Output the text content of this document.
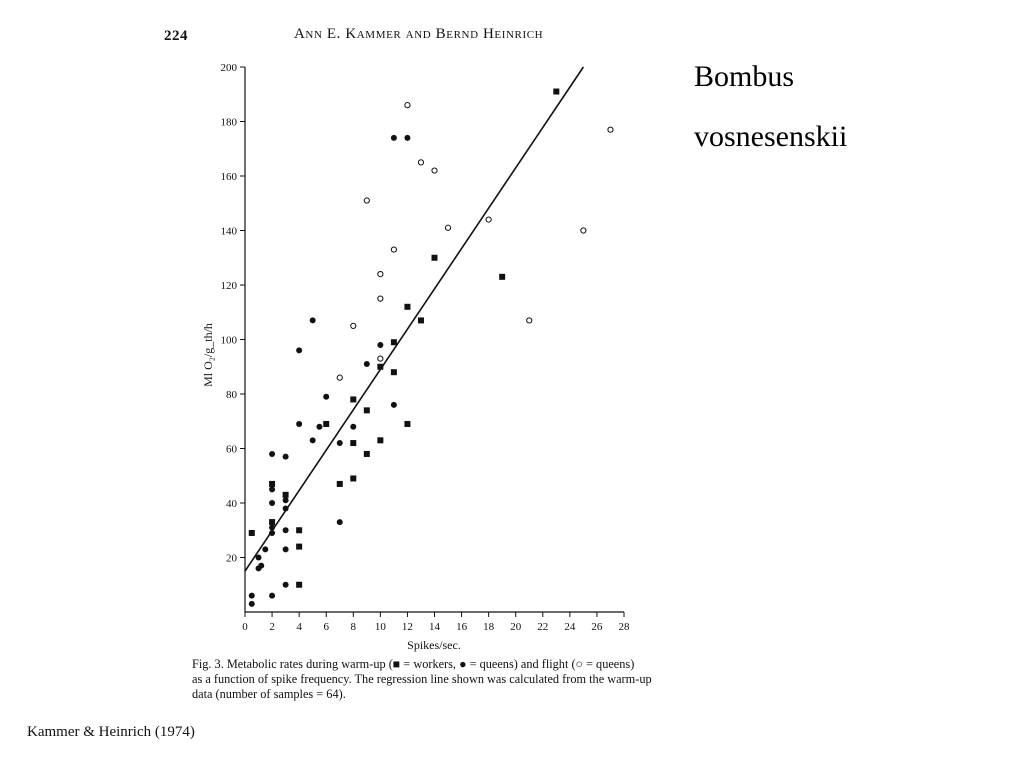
224	Ann E. Kammer and Bernd Heinrich
Bombus
vosnesenskii
0 2 4 6 8 10 12 14 16 18 20 22 24 26 28
20
40
60
80
100
120
140
160
180
200
Spikes/sec.
Ml O₂/g_th/h

Fig. 3. Metabolic rates during warm-up (■ = workers, ● = queens) and flight (○ = queens)

as a function of spike frequency. The regression line shown was calculated from the warm-up

data (number of samples = 64).

Kammer & Heinrich (1974)
